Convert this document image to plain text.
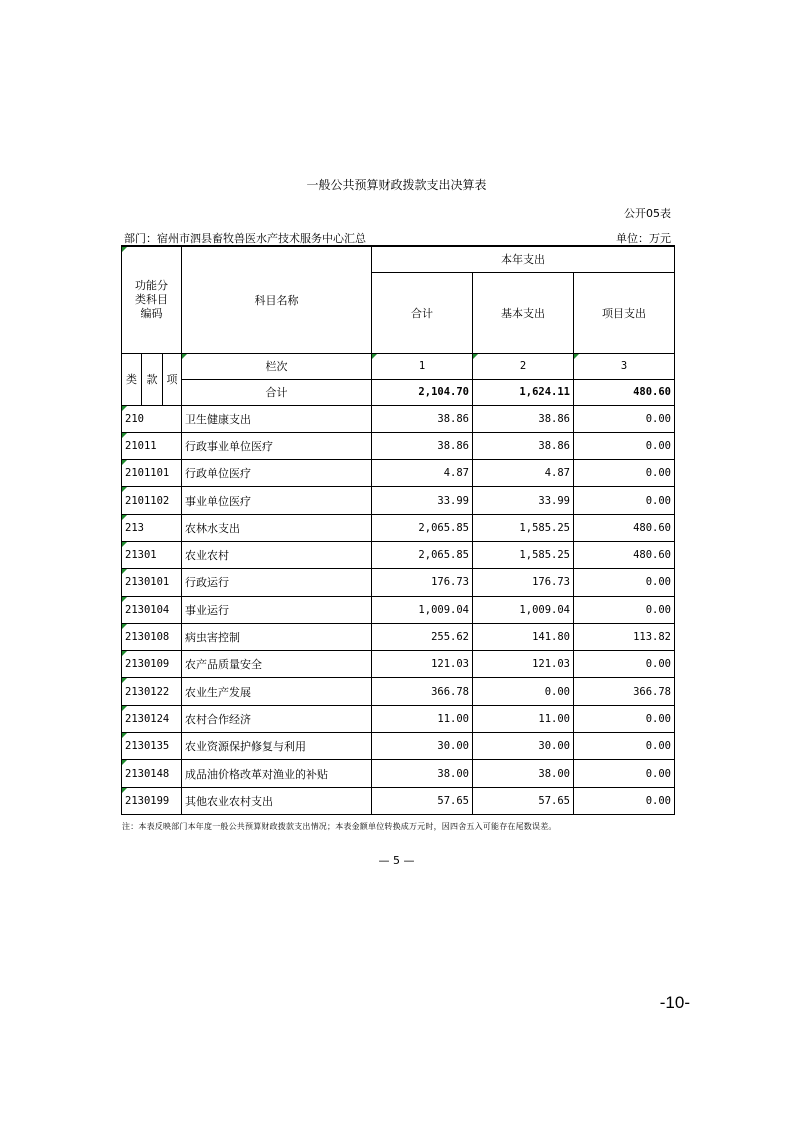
一般公共预算财政拨款支出决算表
公开05表
部门：宿州市泗县畜牧兽医水产技术服务中心汇总	单位：万元
功能分类科目编码			科目名称	本年支出		
				合计	基本支出	项目支出

类	款	项	栏次	1	2	3
			合计	2,104.70	1,624.11	480.60
210			卫生健康支出	38.86	38.86	0.00
21011			行政事业单位医疗	38.86	38.86	0.00
2101101			行政单位医疗	4.87	4.87	0.00
2101102			事业单位医疗	33.99	33.99	0.00
213			农林水支出	2,065.85	1,585.25	480.60
21301			农业农村	2,065.85	1,585.25	480.60
2130101			行政运行	176.73	176.73	0.00
2130104			事业运行	1,009.04	1,009.04	0.00
2130108			病虫害控制	255.62	141.80	113.82
2130109			农产品质量安全	121.03	121.03	0.00
2130122			农业生产发展	366.78	0.00	366.78
2130124			农村合作经济	11.00	11.00	0.00
2130135			农业资源保护修复与利用	30.00	30.00	0.00
2130148			成品油价格改革对渔业的补贴	38.00	38.00	0.00
2130199			其他农业农村支出	57.65	57.65	0.00
注：本表反映部门本年度一般公共预算财政拨款支出情况；本表金额单位转换成万元时，因四舍五入可能存在尾数误差。
— 5 —
-10-
